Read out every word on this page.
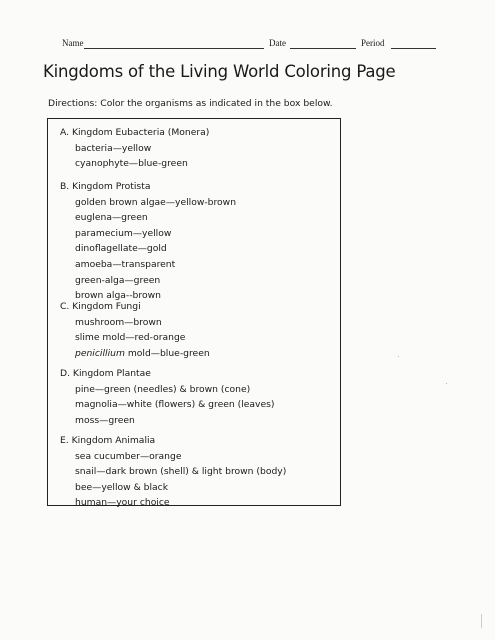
Name	Date	Period
Kingdoms of the Living World Coloring Page
Directions: Color the organisms as indicated in the box below.
A. Kingdom Eubacteria (Monera)
bacteria—yellow
cyanophyte—blue-green
B. Kingdom Protista
golden brown algae—yellow-brown
euglena—green
paramecium—yellow
dinoflagellate—gold
amoeba—transparent
green-alga—green
brown alga--brown
C. Kingdom Fungi
mushroom—brown
slime mold—red-orange
penicillium mold—blue-green
D. Kingdom Plantae
pine—green (needles) & brown (cone)
magnolia—white (flowers) & green (leaves)
moss—green
E. Kingdom Animalia
sea cucumber—orange
snail—dark brown (shell) & light brown (body)
bee—yellow & black
human—your choice
